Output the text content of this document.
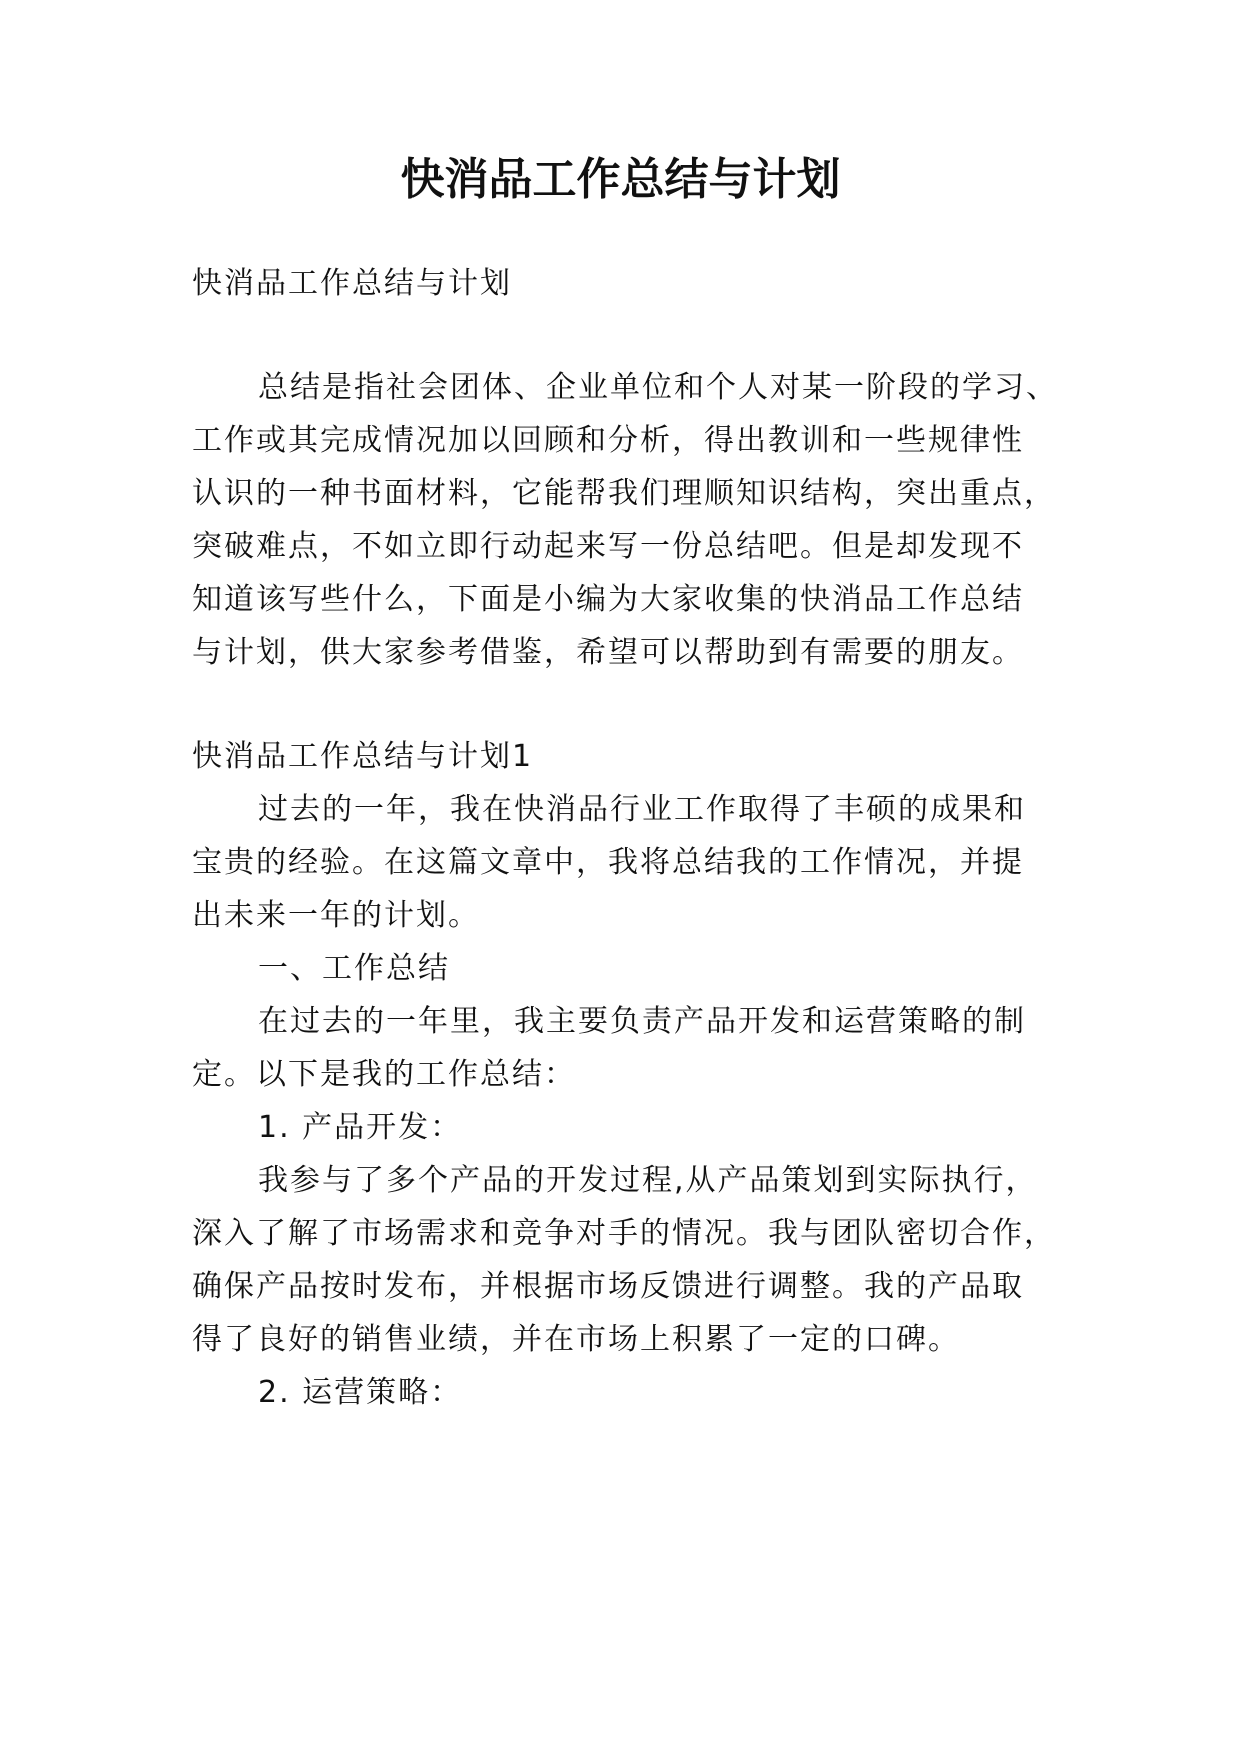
快消品工作总结与计划
快消品工作总结与计划
总结是指社会团体、企业单位和个人对某一阶段的学习、
工作或其完成情况加以回顾和分析，得出教训和一些规律性
认识的一种书面材料，它能帮我们理顺知识结构，突出重点，
突破难点，不如立即行动起来写一份总结吧。但是却发现不
知道该写些什么，下面是小编为大家收集的快消品工作总结
与计划，供大家参考借鉴，希望可以帮助到有需要的朋友。
快消品工作总结与计划1
过去的一年，我在快消品行业工作取得了丰硕的成果和
宝贵的经验。在这篇文章中，我将总结我的工作情况，并提
出未来一年的计划。
一、工作总结
在过去的一年里，我主要负责产品开发和运营策略的制
定。以下是我的工作总结：
1. 产品开发：
我参与了多个产品的开发过程,从产品策划到实际执行，
深入了解了市场需求和竞争对手的情况。我与团队密切合作，
确保产品按时发布，并根据市场反馈进行调整。我的产品取
得了良好的销售业绩，并在市场上积累了一定的口碑。
2. 运营策略：
